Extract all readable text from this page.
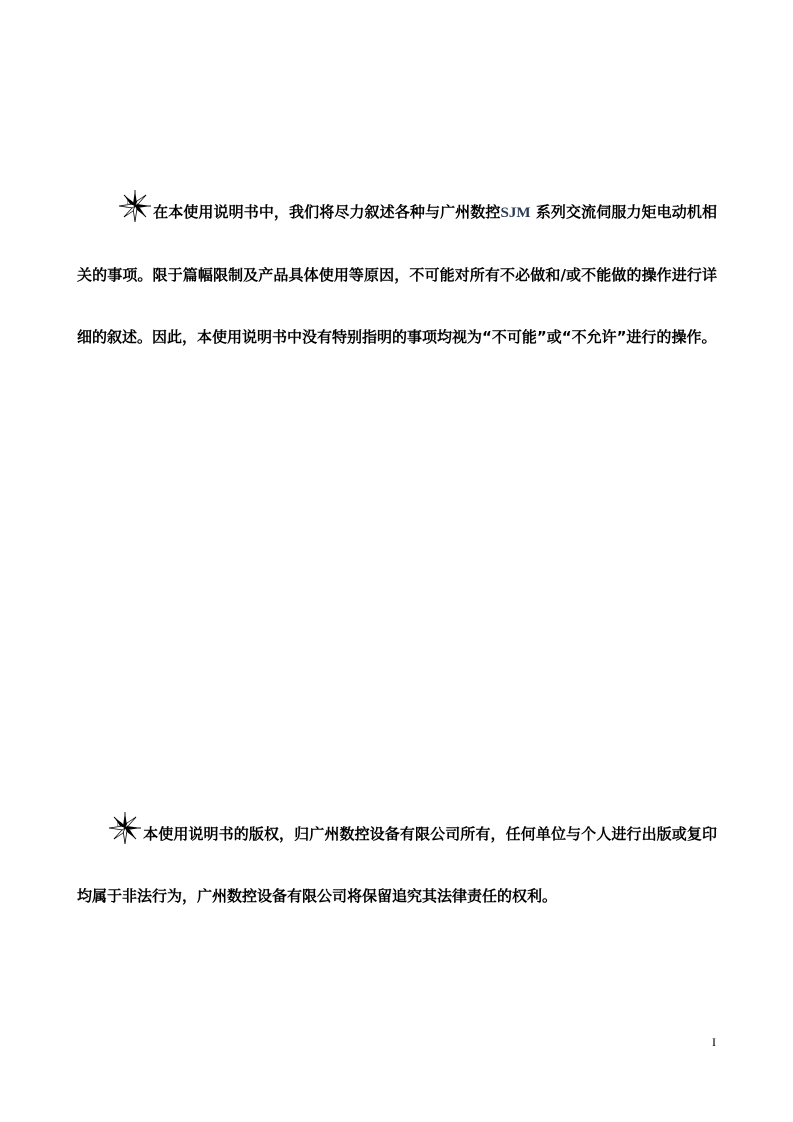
N 在本使用说明书中，我们将尽力叙述各种与广州数控SJM 系列交流伺服力矩电动机相关的事项。限于篇幅限制及产品具体使用等原因，不可能对所有不必做和/或不能做的操作进行详细的叙述。因此，本使用说明书中没有特别指明的事项均视为“不可能”或“不允许”进行的操作。

N 本使用说明书的版权，归广州数控设备有限公司所有，任何单位与个人进行出版或复印均属于非法行为，广州数控设备有限公司将保留追究其法律责任的权利。

I
